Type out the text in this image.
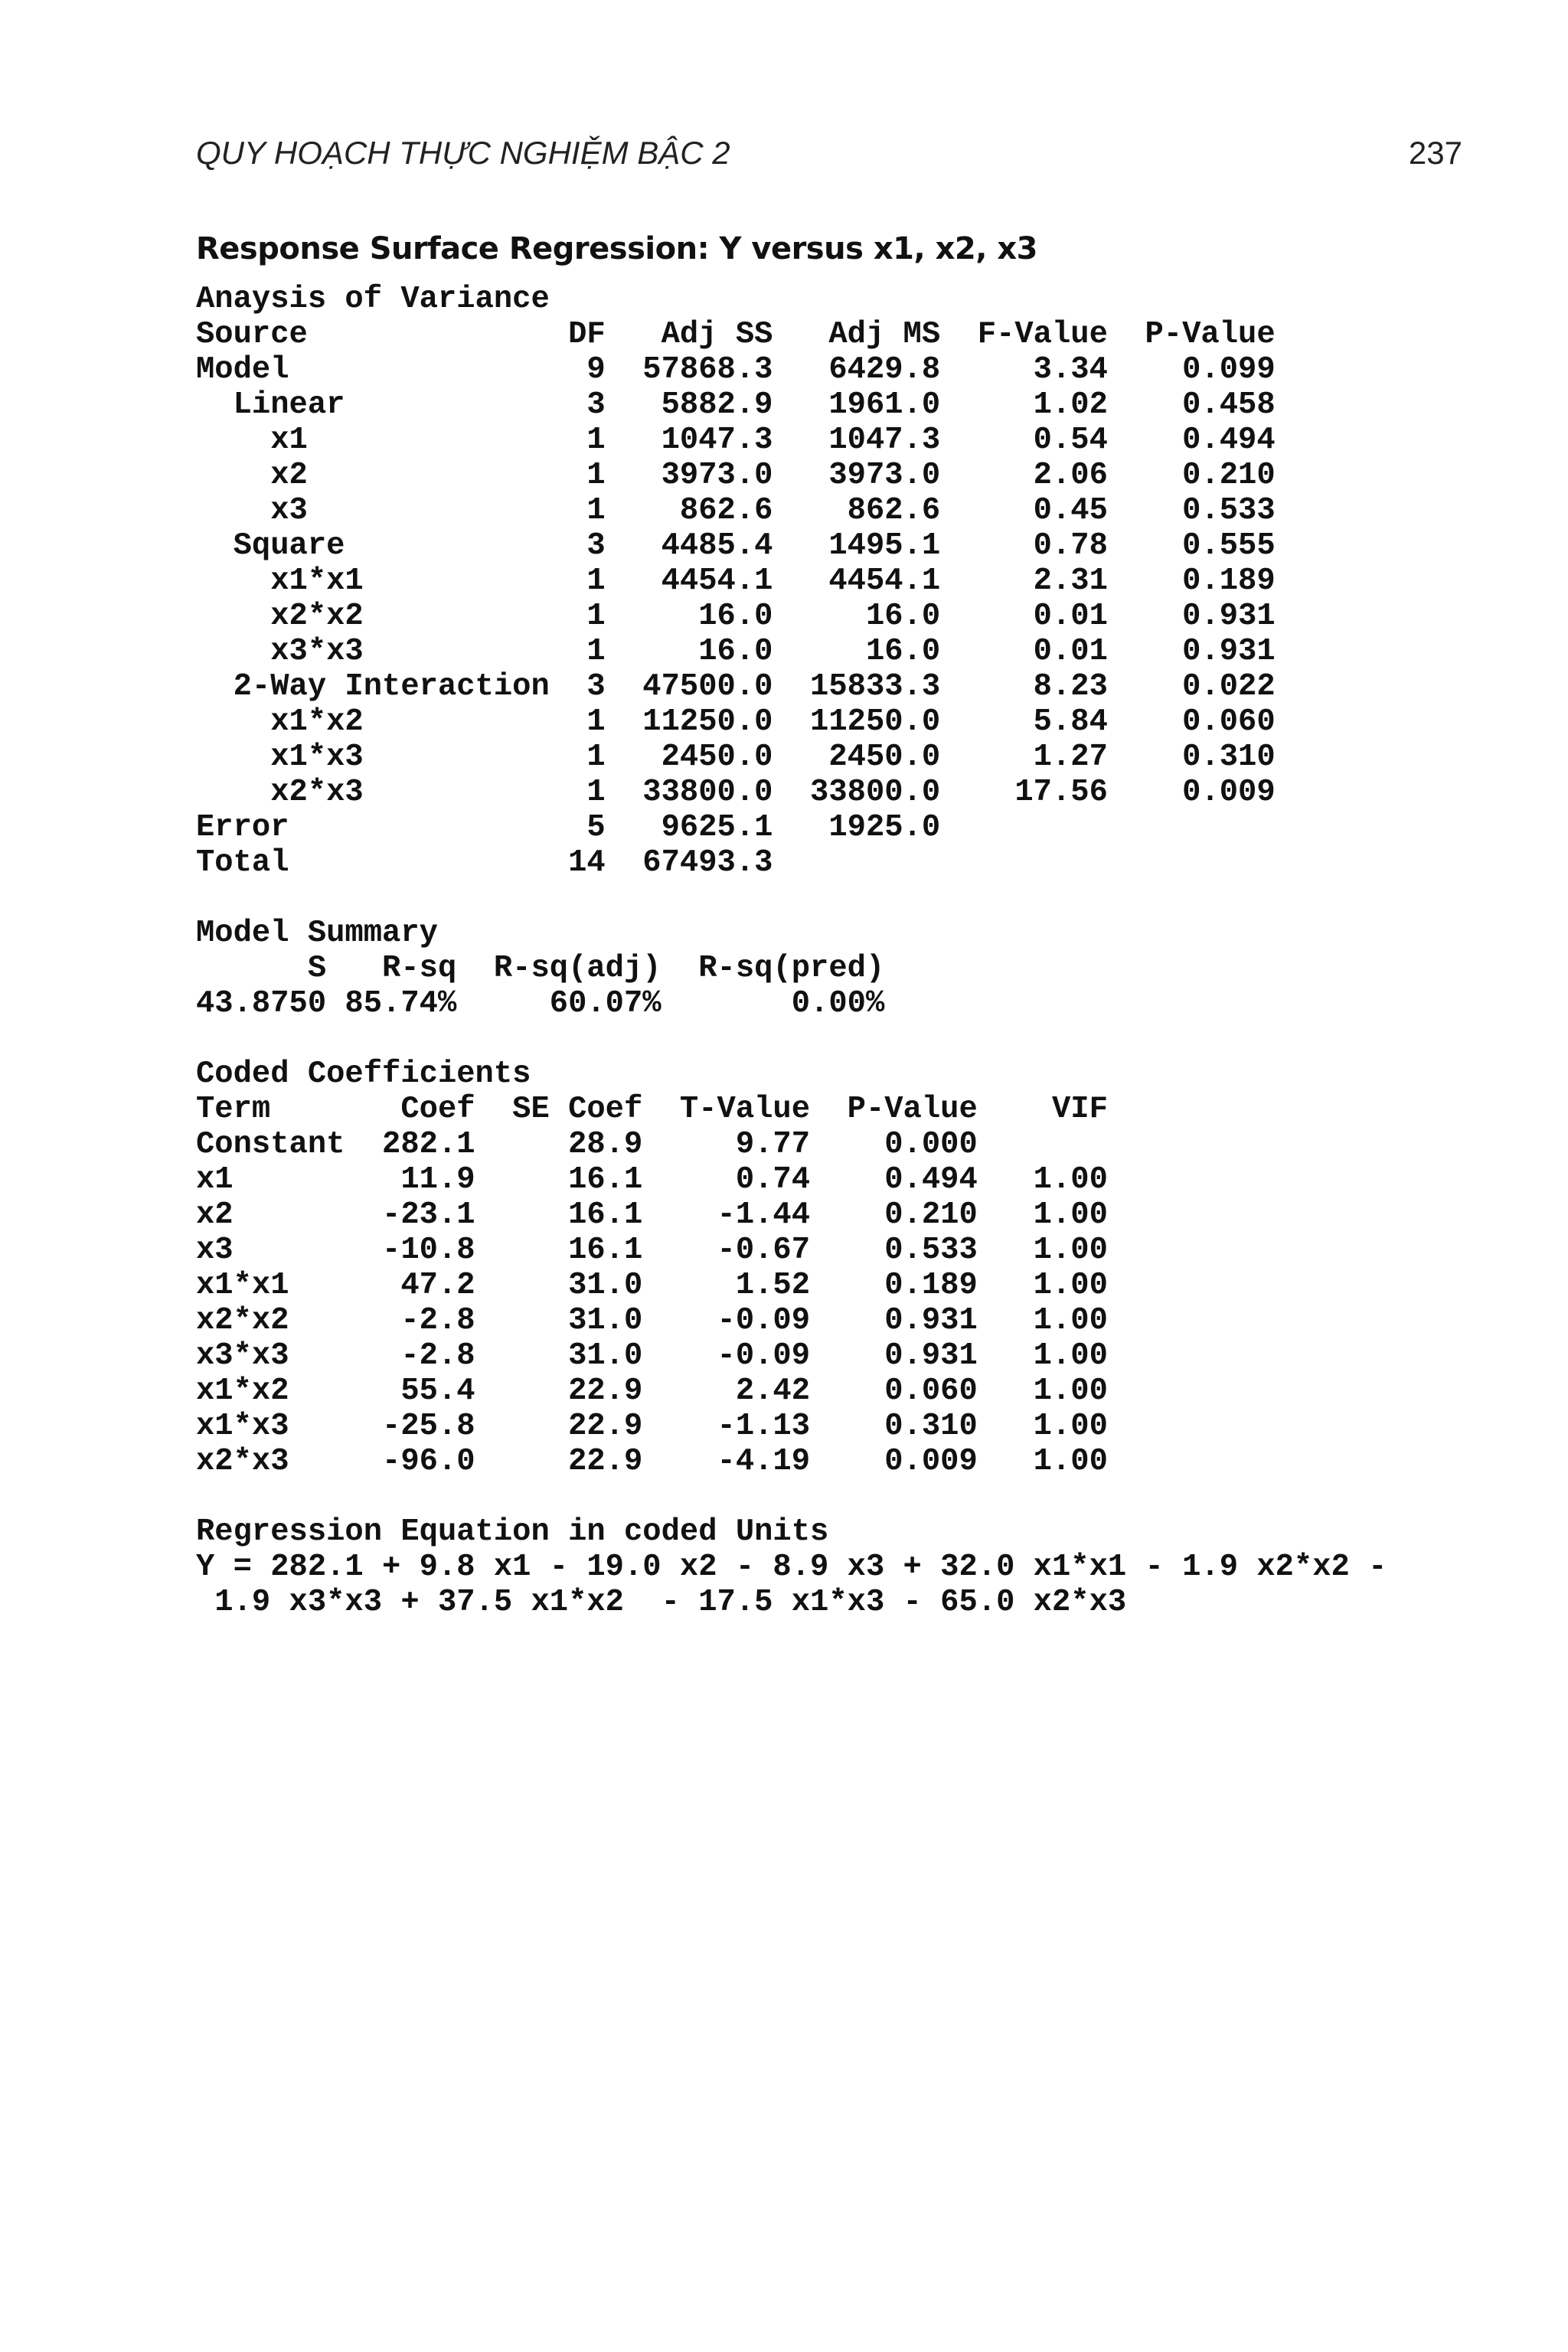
QUY HOẠCH THỰC NGHIỆM BẬC 2	237
Response Surface Regression: Y versus x1, x2, x3
Anaysis of Variance
Source              DF   Adj SS   Adj MS  F-Value  P-Value
Model                9  57868.3   6429.8     3.34    0.099
Linear             3   5882.9   1961.0     1.02    0.458
x1               1   1047.3   1047.3     0.54    0.494
x2               1   3973.0   3973.0     2.06    0.210
x3               1    862.6    862.6     0.45    0.533
Square             3   4485.4   1495.1     0.78    0.555
x1*x1            1   4454.1   4454.1     2.31    0.189
x2*x2            1     16.0     16.0     0.01    0.931
x3*x3            1     16.0     16.0     0.01    0.931
2-Way Interaction  3  47500.0  15833.3     8.23    0.022
x1*x2            1  11250.0  11250.0     5.84    0.060
x1*x3            1   2450.0   2450.0     1.27    0.310
x2*x3            1  33800.0  33800.0    17.56    0.009
Error                5   9625.1   1925.0
Total               14  67493.3
Model Summary
S   R-sq  R-sq(adj)  R-sq(pred)
43.8750 85.74%     60.07%       0.00%
Coded Coefficients
Term       Coef  SE Coef  T-Value  P-Value    VIF
Constant  282.1     28.9     9.77    0.000
x1         11.9     16.1     0.74    0.494   1.00
x2        -23.1     16.1    -1.44    0.210   1.00
x3        -10.8     16.1    -0.67    0.533   1.00
x1*x1      47.2     31.0     1.52    0.189   1.00
x2*x2      -2.8     31.0    -0.09    0.931   1.00
x3*x3      -2.8     31.0    -0.09    0.931   1.00
x1*x2      55.4     22.9     2.42    0.060   1.00
x1*x3     -25.8     22.9    -1.13    0.310   1.00
x2*x3     -96.0     22.9    -4.19    0.009   1.00
Regression Equation in coded Units
Y = 282.1 + 9.8 x1 - 19.0 x2 - 8.9 x3 + 32.0 x1*x1 - 1.9 x2*x2 -
1.9 x3*x3 + 37.5 x1*x2  - 17.5 x1*x3 - 65.0 x2*x3
